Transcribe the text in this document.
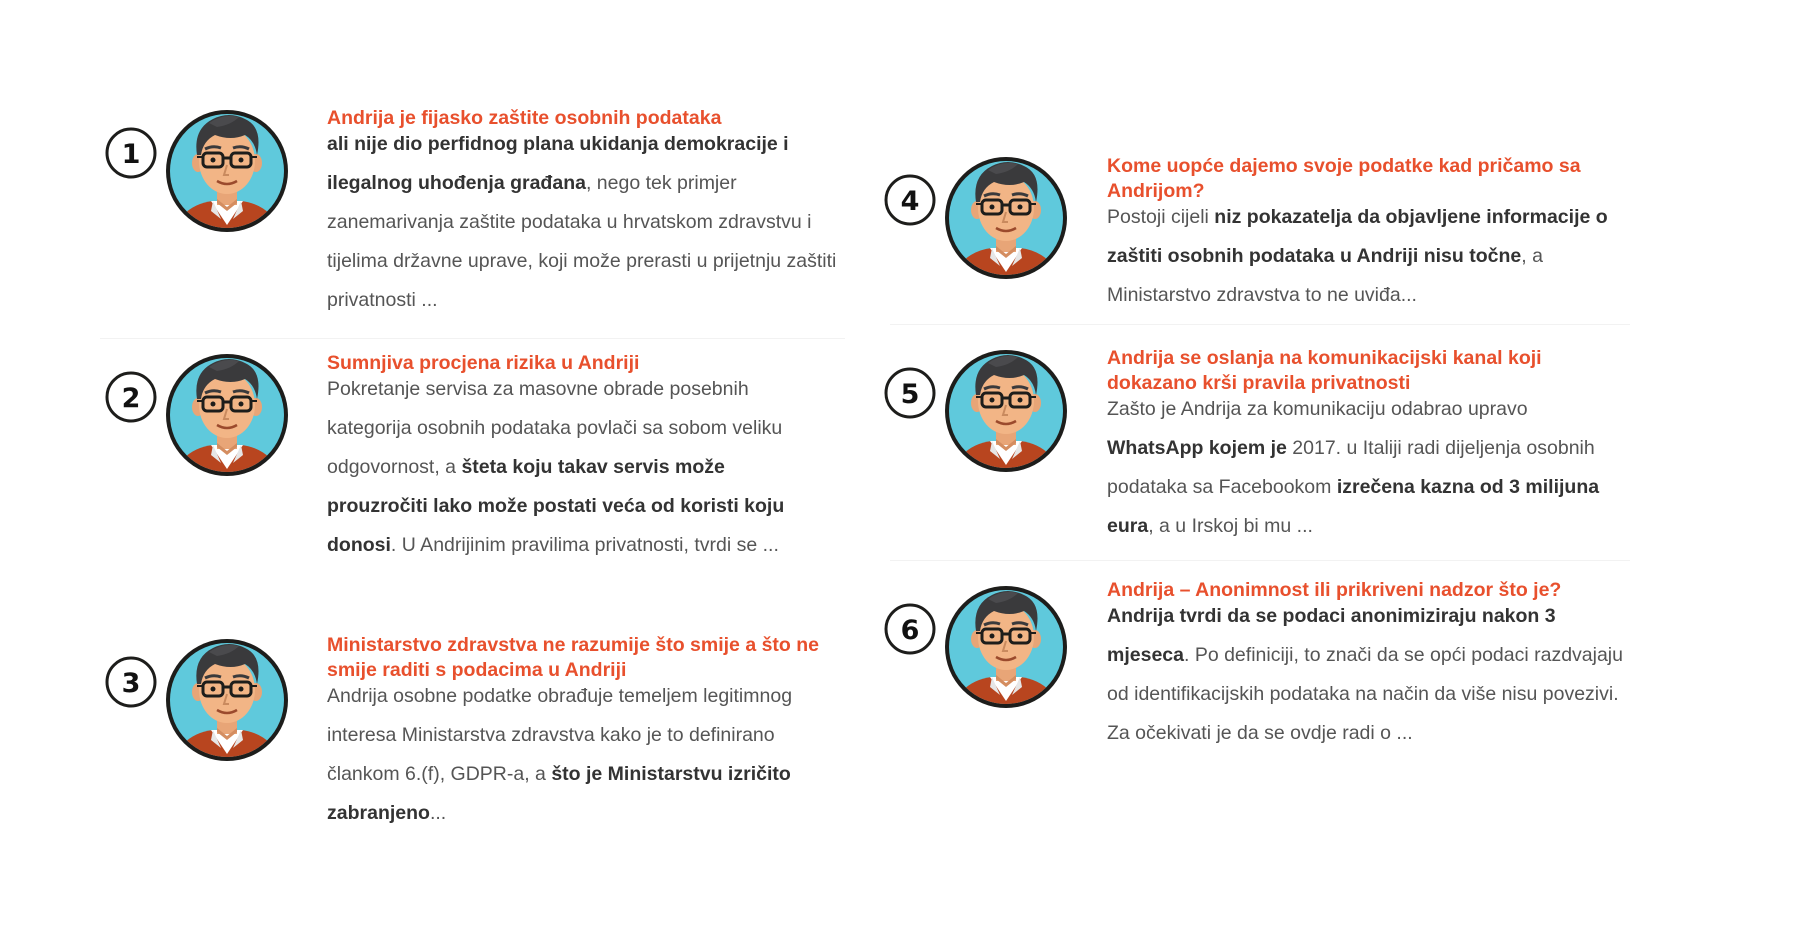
1
Andrija je fijasko zaštite osobnih podataka
ali nije dio perfidnog plana ukidanja demokracije i ilegalnog uhođenja građana, nego tek primjer zanemarivanja zaštite podataka u hrvatskom zdravstvu i tijelima državne uprave, koji može prerasti u prijetnju zaštiti privatnosti ...
2
Sumnjiva procjena rizika u Andriji
Pokretanje servisa za masovne obrade posebnih kategorija osobnih podataka povlači sa sobom veliku odgovornost, a šteta koju takav servis može prouzročiti lako može postati veća od koristi koju donosi. U Andrijinim pravilima privatnosti, tvrdi se ...
3
Ministarstvo zdravstva ne razumije što smije a što ne smije raditi s podacima u Andriji
Andrija osobne podatke obrađuje temeljem legitimnog interesa Ministarstva zdravstva kako je to definirano člankom 6.(f), GDPR-a, a što je Ministarstvu izričito zabranjeno...
4
Kome uopće dajemo svoje podatke kad pričamo sa Andrijom?
Postoji cijeli niz pokazatelja da objavljene informacije o zaštiti osobnih podataka u Andriji nisu točne, a Ministarstvo zdravstva to ne uviđa...
5
Andrija se oslanja na komunikacijski kanal koji dokazano krši pravila privatnosti
Zašto je Andrija za komunikaciju odabrao upravo WhatsApp kojem je 2017. u Italiji radi dijeljenja osobnih podataka sa Facebookom izrečena kazna od 3 milijuna eura, a u Irskoj bi mu ...
6
Andrija – Anonimnost ili prikriveni nadzor što je?
Andrija tvrdi da se podaci anonimiziraju nakon 3 mjeseca. Po definiciji, to znači da se opći podaci razdvajaju od identifikacijskih podataka na način da više nisu povezivi. Za očekivati je da se ovdje radi o ...
